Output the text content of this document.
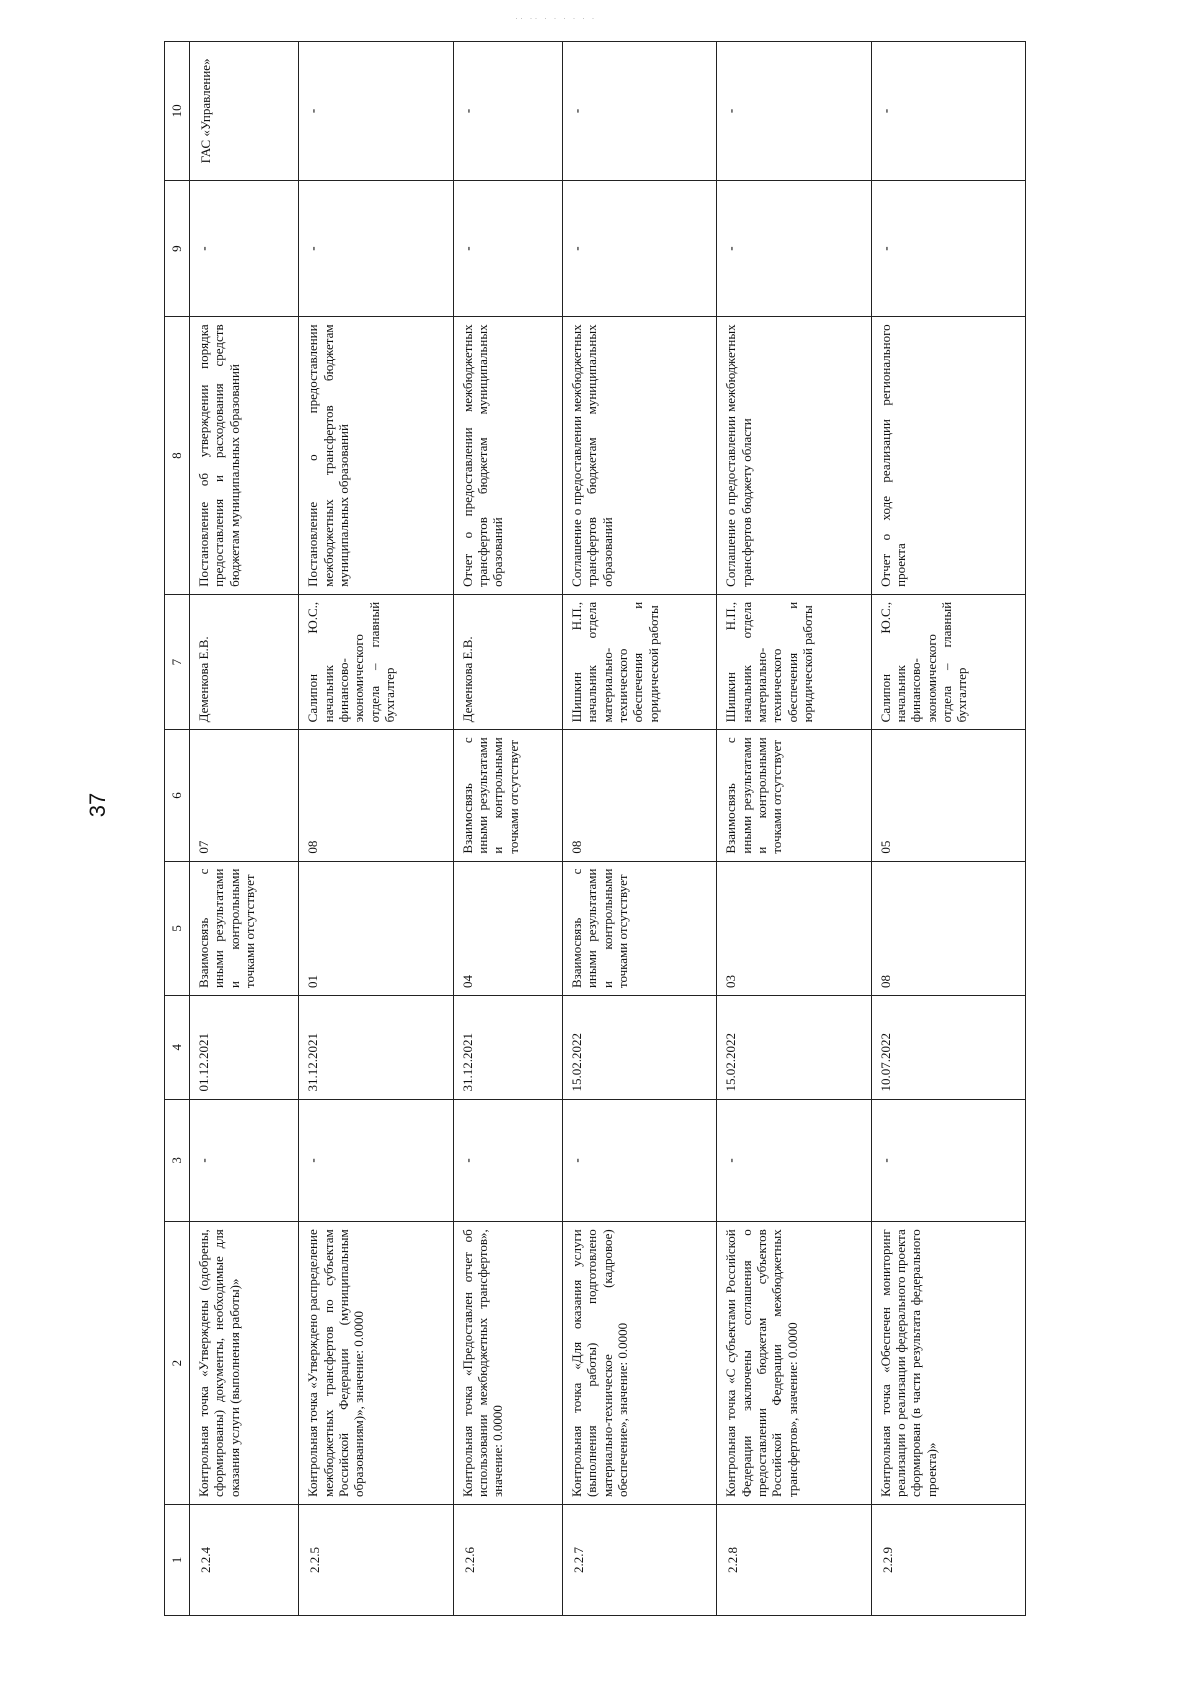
37
·· ·· · · · · · ·
1	2	3	4	5	6	7	8	9	10
2.2.4	Контрольная точка «Утверждены (одобрены, сформированы) документы, необходимые для оказания услуги (выполнения работы)»	-	01.12.2021	Взаимосвязь с иными результатами и контрольными точками отсутствует	07	Деменкова Е.В.	Постановление об утверждении порядка предоставления и расходования средств бюджетам муниципальных образований	-	ГАС «Управление»
2.2.5	Контрольная точка «Утверждено распределение межбюджетных трансфертов по субъектам Российской Федерации (муниципальным образованиям)», значение: 0.0000	-	31.12.2021	01	08	Салипон Ю.С., начальник финансово-экономического отдела – главный бухгалтер	Постановление о предоставлении межбюджетных трансфертов бюджетам муниципальных образований	-	-
2.2.6	Контрольная точка «Предоставлен отчет об использовании межбюджетных трансфертов», значение: 0.0000	-	31.12.2021	04	Взаимосвязь с иными результатами и контрольными точками отсутствует	Деменкова Е.В.	Отчет о предоставлении межбюджетных трансфертов бюджетам муниципальных образований	-	-
2.2.7	Контрольная точка «Для оказания услуги (выполнения работы) подготовлено материально-техническое (кадровое) обеспечение», значение: 0.0000	-	15.02.2022	Взаимосвязь с иными результатами и контрольными точками отсутствует	08	Шишкин Н.П., начальник отдела материально-технического обеспечения и юридической работы	Соглашение о предоставлении межбюджетных трансфертов бюджетам муниципальных образований	-	-
2.2.8	Контрольная точка «С субъектами Российской Федерации заключены соглашения о предоставлении бюджетам субъектов Российской Федерации межбюджетных трансфертов», значение: 0.0000	-	15.02.2022	03	Взаимосвязь с иными результатами и контрольными точками отсутствует	Шишкин Н.П., начальник отдела материально-технического обеспечения и юридической работы	Соглашение о предоставлении межбюджетных трансфертов бюджету области	-	-
2.2.9	Контрольная точка «Обеспечен мониторинг реализации о реализации федерального проекта сформирован (в части результата федерального проекта)»	-	10.07.2022	08	05	Салипон Ю.С., начальник финансово-экономического отдела – главный бухгалтер	Отчет о ходе реализации регионального проекта	-	-
